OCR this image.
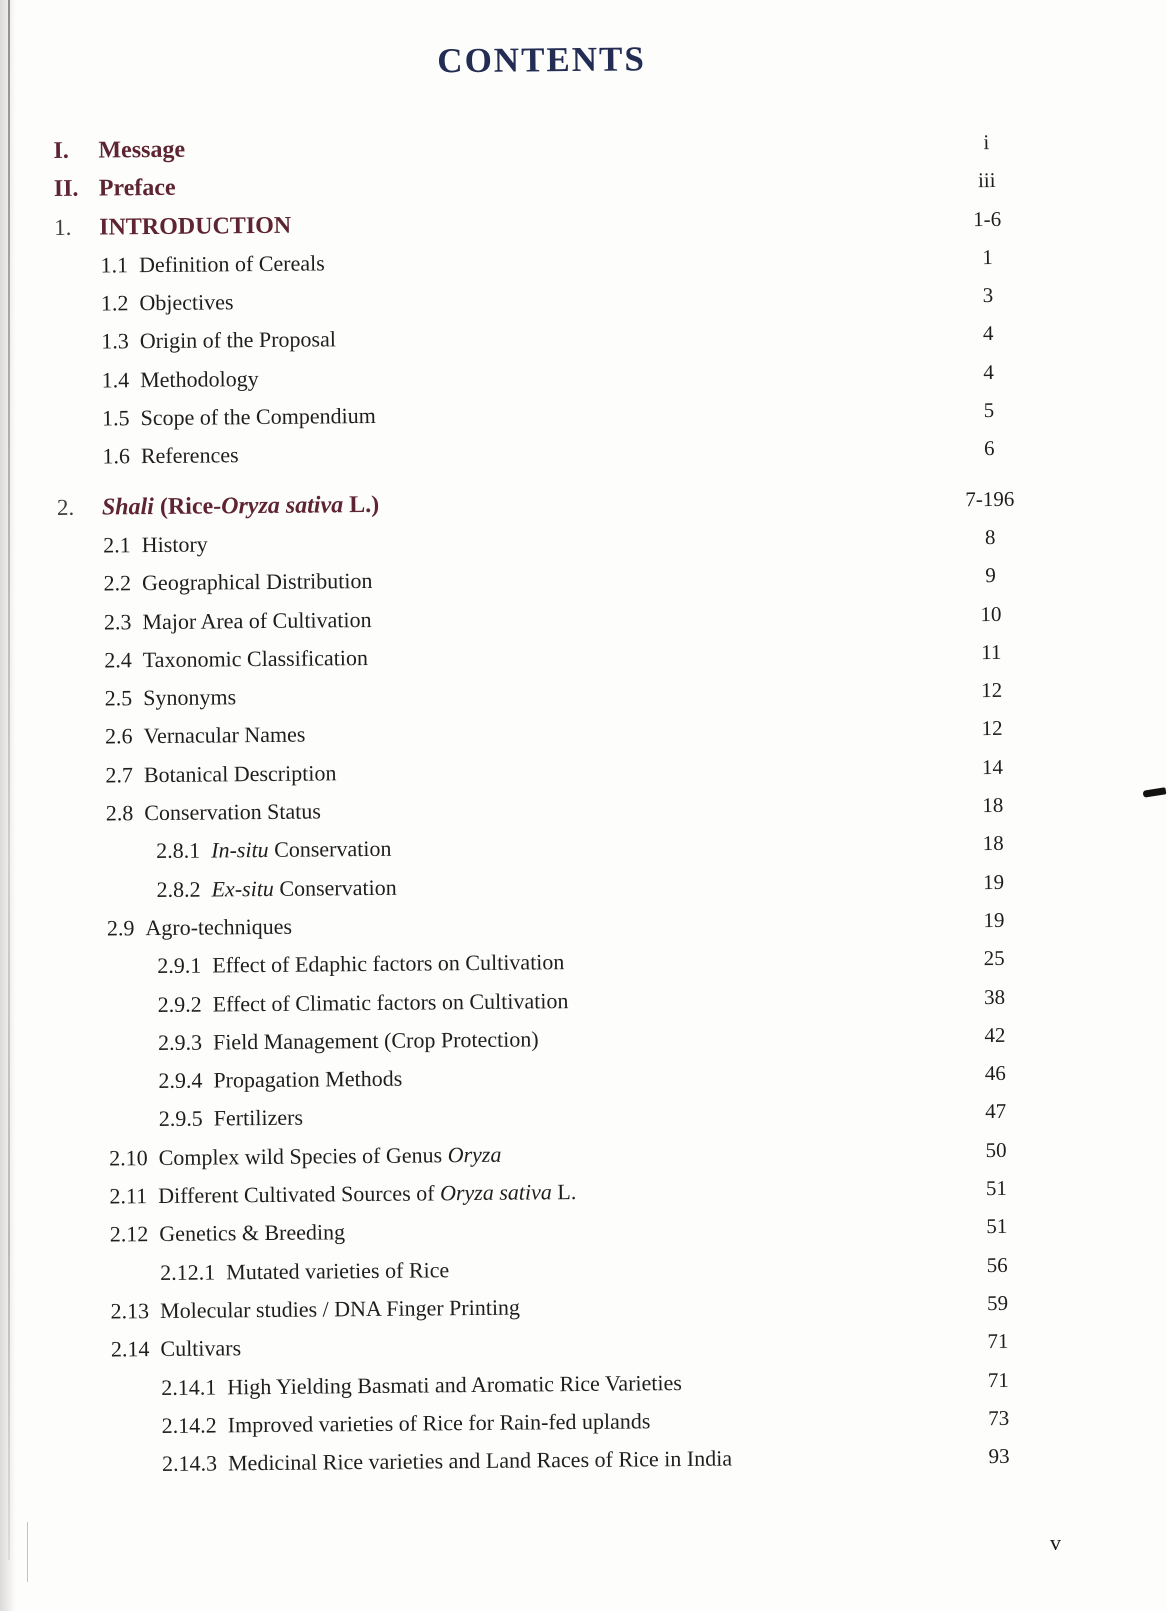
CONTENTS
I.	Message	i
II. Preface	iii
1.	INTRODUCTION	1-6
1.1 Definition of Cereals	1
1.2 Objectives	3
1.3 Origin of the Proposal	4
1.4 Methodology	4
1.5 Scope of the Compendium	5
1.6 References	6
2.	Shali (Rice-Oryza sativa L.)	7-196
2.1 History	8
2.2 Geographical Distribution	9
2.3 Major Area of Cultivation	10
2.4 Taxonomic Classification	11
2.5 Synonyms	12
2.6 Vernacular Names	12
2.7 Botanical Description	14
2.8 Conservation Status	18
2.8.1 In-situ Conservation	18
2.8.2 Ex-situ Conservation	19
2.9 Agro-techniques	19
2.9.1 Effect of Edaphic factors on Cultivation	25
2.9.2 Effect of Climatic factors on Cultivation	38
2.9.3 Field Management (Crop Protection)	42
2.9.4 Propagation Methods	46
2.9.5 Fertilizers	47
2.10 Complex wild Species of Genus Oryza	50
2.11 Different Cultivated Sources of Oryza sativa L.	51
2.12 Genetics & Breeding	51
2.12.1 Mutated varieties of Rice	56
2.13 Molecular studies / DNA Finger Printing	59
2.14 Cultivars	71
2.14.1 High Yielding Basmati and Aromatic Rice Varieties	71
2.14.2 Improved varieties of Rice for Rain-fed uplands	73
2.14.3 Medicinal Rice varieties and Land Races of Rice in India	93
v
